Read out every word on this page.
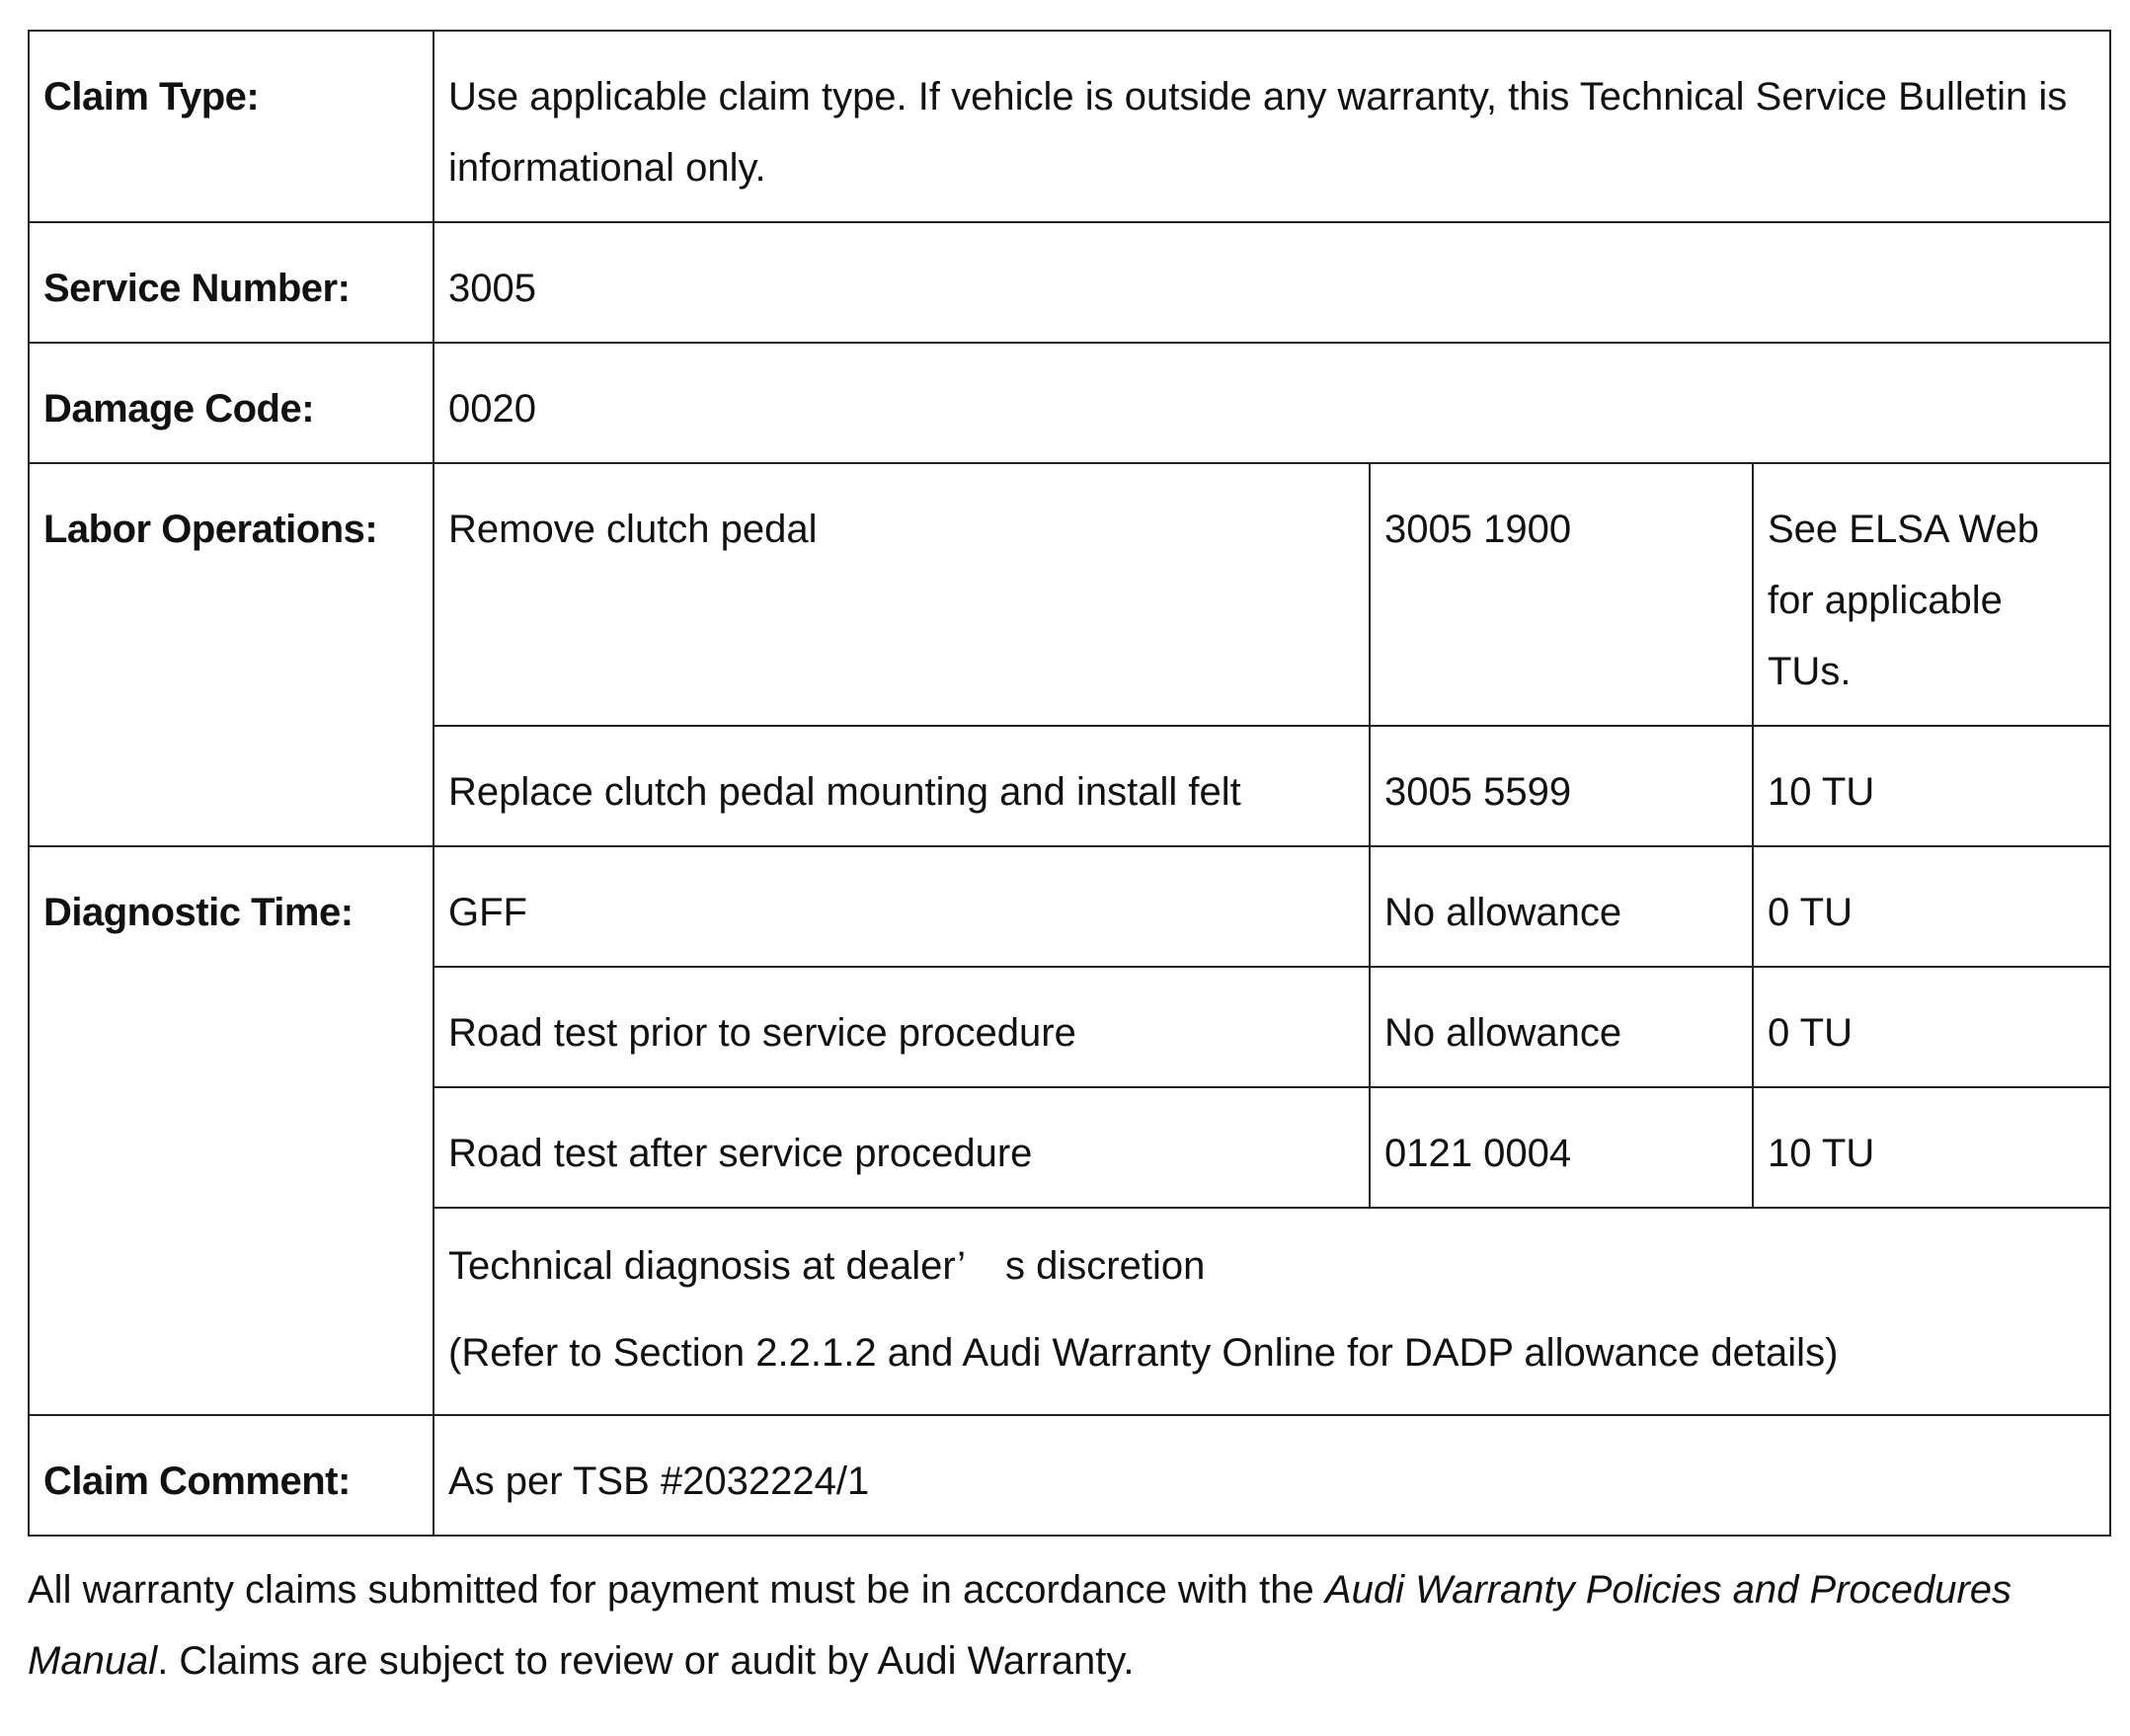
Claim Type:	Use applicable claim type. If vehicle is outside any warranty, this Technical Service Bulletin is informational only.		
Service Number:	3005		
Damage Code:	0020		
Labor Operations:	Remove clutch pedal	3005 1900	See ELSA Web for applicable TUs.
	Replace clutch pedal mounting and install felt	3005 5599	10 TU
Diagnostic Time:	GFF	No allowance	0 TU
	Road test prior to service procedure	No allowance	0 TU
	Road test after service procedure	0121 0004	10 TU

	Technical diagnosis at dealer’ s discretion
(Refer to Section 2.2.1.2 and Audi Warranty Online for DADP allowance details)		

Claim Comment:	As per TSB #2032224/1		

All warranty claims submitted for payment must be in accordance with the Audi Warranty Policies and Procedures Manual. Claims are subject to review or audit by Audi Warranty.
